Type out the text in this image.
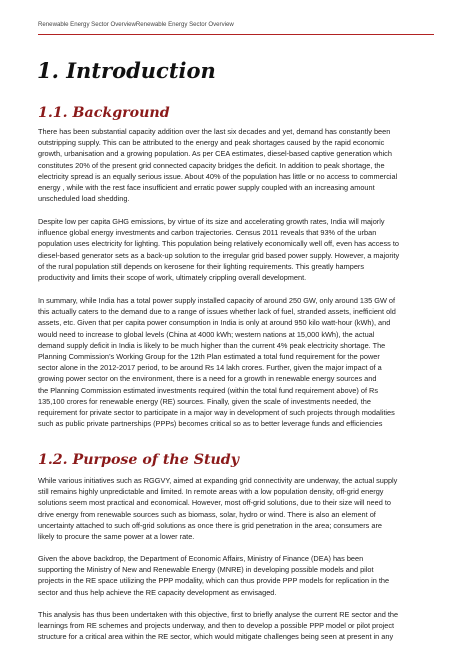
Renewable Energy Sector OverviewRenewable Energy Sector Overview
1. Introduction
1.1. Background

There has been substantial capacity addition over the last six decades and yet, demand has constantly been
outstripping supply. This can be attributed to the energy and peak shortages caused by the rapid economic
growth, urbanisation and a growing population. As per CEA estimates, diesel-based captive generation which
constitutes 20% of the present grid connected capacity bridges the deficit. In addition to peak shortage, the
electricity spread is an equally serious issue. About 40% of the population has little or no access to commercial
energy , while with the rest face insufficient and erratic power supply coupled with an increasing amount
unscheduled load shedding.

Despite low per capita GHG emissions, by virtue of its size and accelerating growth rates, India will majorly
influence global energy investments and carbon trajectories. Census 2011 reveals that 93% of the urban
population uses electricity for lighting. This population being relatively economically well off, even has access to
diesel-based generator sets as a back-up solution to the irregular grid based power supply. However, a majority
of the rural population still depends on kerosene for their lighting requirements. This greatly hampers
productivity and limits their scope of work, ultimately crippling overall development.

In summary, while India has a total power supply installed capacity of around 250 GW, only around 135 GW of
this actually caters to the demand due to a range of issues whether lack of fuel, stranded assets, inefficient old
assets, etc. Given that per capita power consumption in India is only at around 950 kilo watt-hour (kWh), and
would need to increase to global levels (China at 4000 kWh; western nations at 15,000 kWh), the actual
demand supply deficit in India is likely to be much higher than the current 4% peak electricity shortage. The
Planning Commission’s Working Group for the 12th Plan estimated a total fund requirement for the power
sector alone in the 2012-2017 period, to be around Rs 14 lakh crores. Further, given the major impact of a
growing power sector on the environment, there is a need for a growth in renewable energy sources and
the Planning Commission estimated investments required (within the total fund requirement above) of Rs
135,100 crores for renewable energy (RE) sources. Finally, given the scale of investments needed, the
requirement for private sector to participate in a major way in development of such projects through modalities
such as public private partnerships (PPPs) becomes critical so as to better leverage funds and efficiencies

1.2. Purpose of the Study

While various initiatives such as RGGVY, aimed at expanding grid connectivity are underway, the actual supply
still remains highly unpredictable and limited. In remote areas with a low population density, off-grid energy
solutions seem most practical and economical. However, most off-grid solutions, due to their size will need to
drive energy from renewable sources such as biomass, solar, hydro or wind. There is also an element of
uncertainty attached to such off-grid solutions as once there is grid penetration in the area; consumers are
likely to procure the same power at a lower rate.

Given the above backdrop, the Department of Economic Affairs, Ministry of Finance (DEA) has been
supporting the Ministry of New and Renewable Energy (MNRE) in developing possible models and pilot
projects in the RE space utilizing the PPP modality, which can thus provide PPP models for replication in the
sector and thus help achieve the RE capacity development as envisaged.

This analysis has thus been undertaken with this objective, first to briefly analyse the current RE sector and the
learnings from RE schemes and projects underway, and then to develop a possible PPP model or pilot project
structure for a critical area within the RE sector, which would mitigate challenges being seen at present in any
